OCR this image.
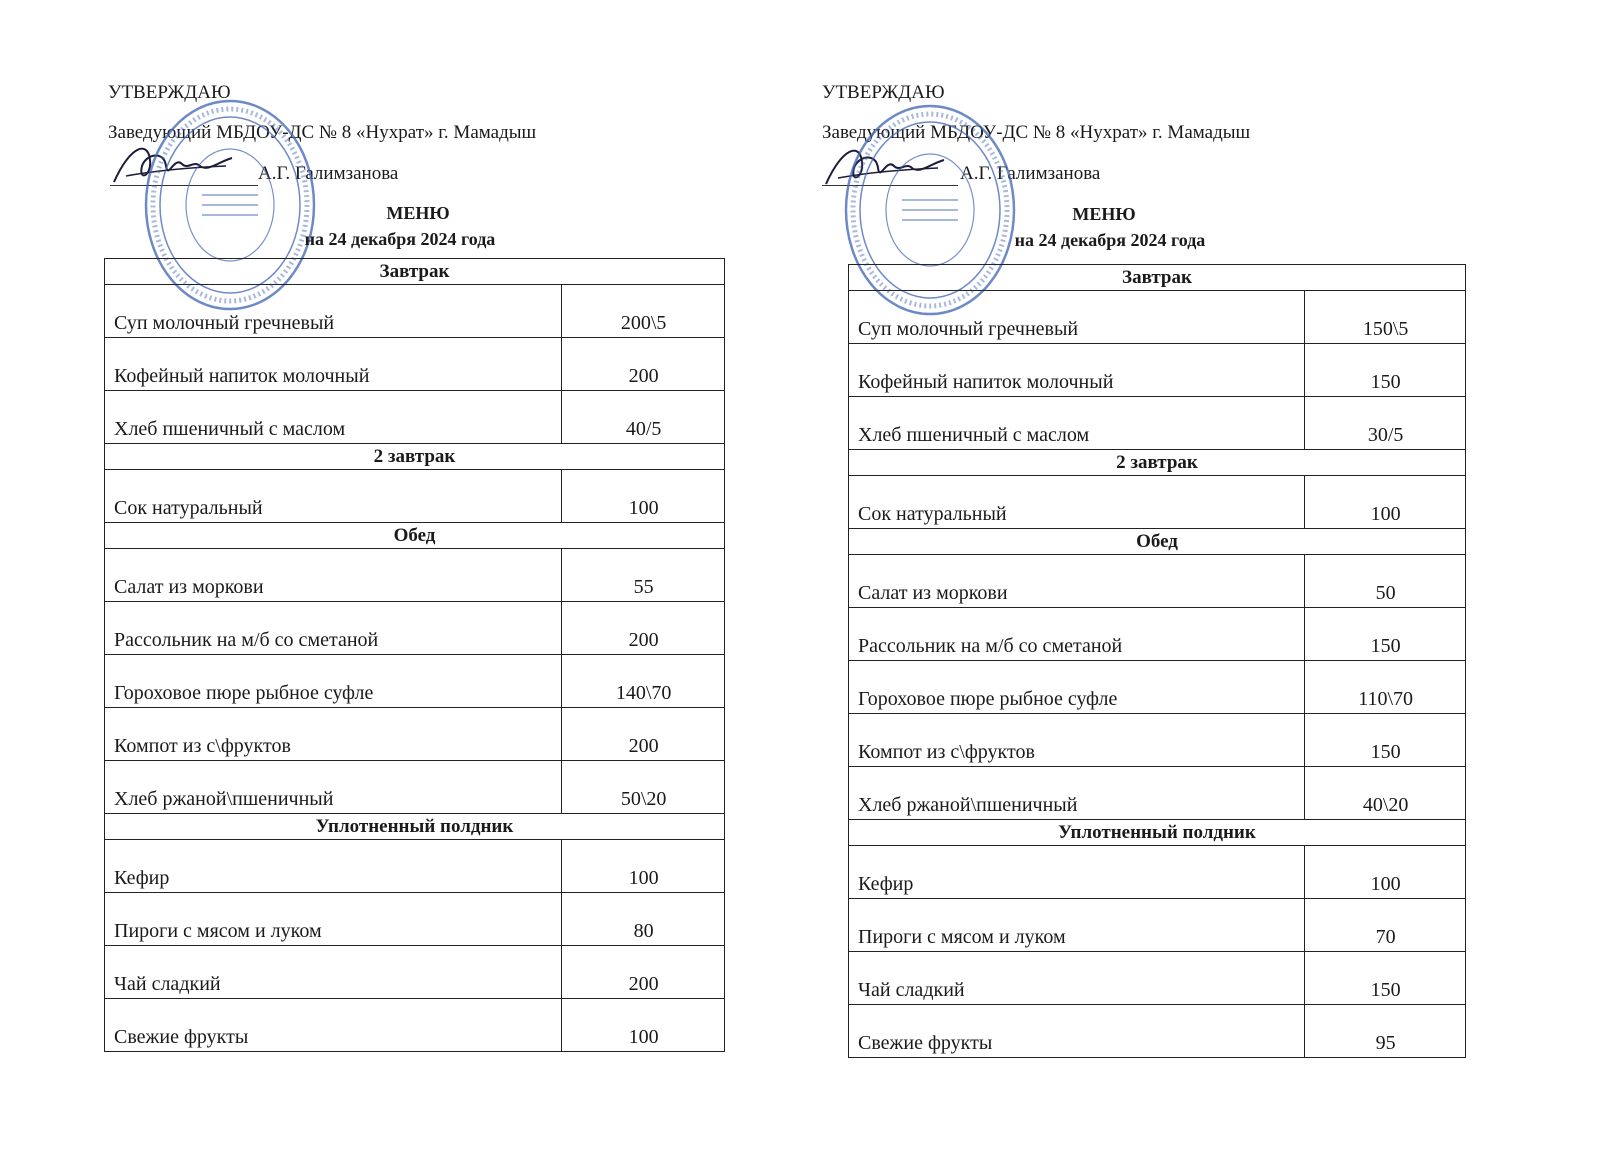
УТВЕРЖДАЮ
Заведующий МБДОУ-ДС № 8 «Нухрат» г. Мамадыш
А.Г. Галимзанова
МЕНЮ
на 24 декабря 2024 года
Завтрак	
Суп молочный гречневый	200\5
Кофейный напиток молочный	200
Хлеб пшеничный с маслом	40/5
2 завтрак	
Сок натуральный	100
Обед	
Салат из моркови	55
Рассольник на м/б со сметаной	200
Гороховое пюре рыбное суфле	140\70
Компот из с\фруктов	200
Хлеб ржаной\пшеничный	50\20
Уплотненный полдник	
Кефир	100
Пироги с мясом и луком	80
Чай сладкий	200
Свежие фрукты	100
УТВЕРЖДАЮ
Заведующий МБДОУ-ДС № 8 «Нухрат» г. Мамадыш
А.Г. Галимзанова
МЕНЮ
на 24 декабря 2024 года
Завтрак	
Суп молочный гречневый	150\5
Кофейный напиток молочный	150
Хлеб пшеничный с маслом	30/5
2 завтрак	
Сок натуральный	100
Обед	
Салат из моркови	50
Рассольник на м/б со сметаной	150
Гороховое пюре рыбное суфле	110\70
Компот из с\фруктов	150
Хлеб ржаной\пшеничный	40\20
Уплотненный полдник	
Кефир	100
Пироги с мясом и луком	70
Чай сладкий	150
Свежие фрукты	95
